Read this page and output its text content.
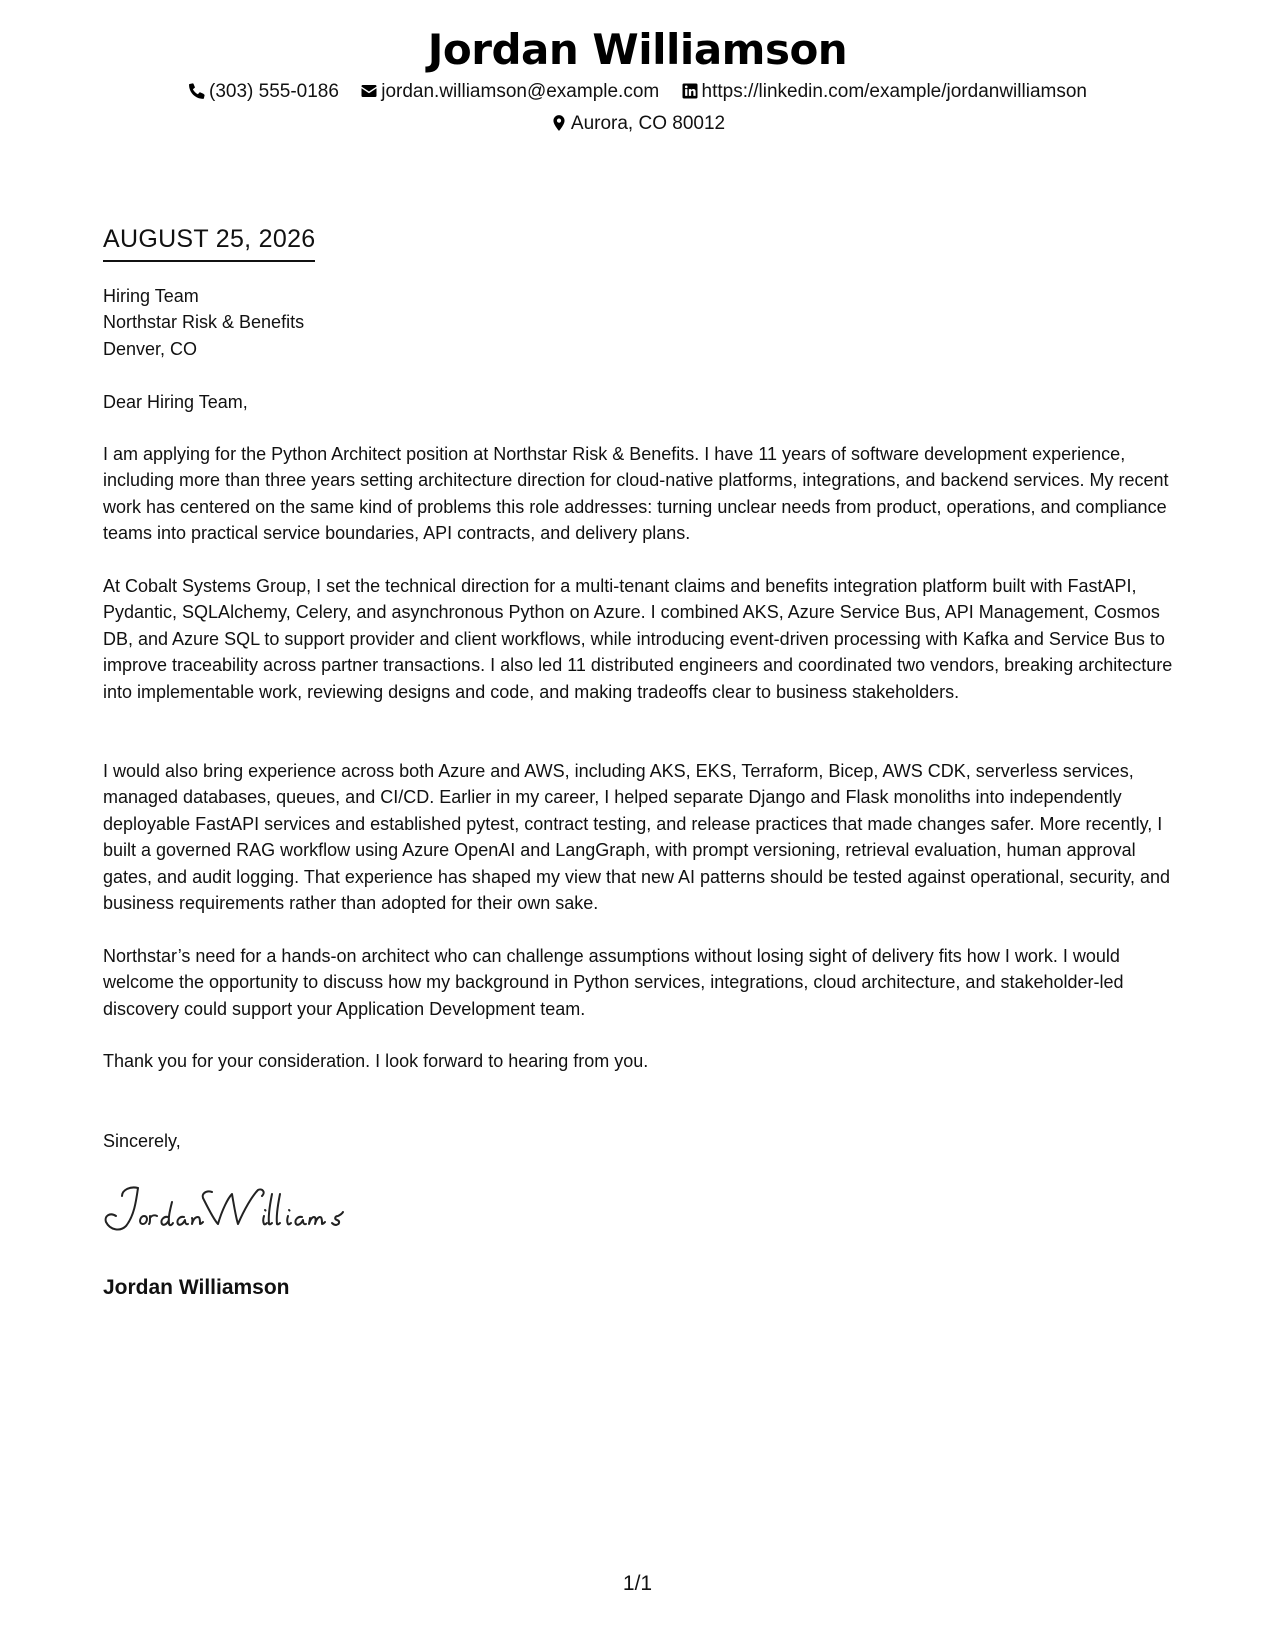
Jordan Williamson
(303) 555-0186 jordan.williamson@example.com https://linkedin.com/example/jordanwilliamson
Aurora, CO 80012
AUGUST 25, 2026
Hiring Team
Northstar Risk & Benefits
Denver, CO
Dear Hiring Team,

I am applying for the Python Architect position at Northstar Risk & Benefits. I have 11 years of software development experience, including more than three years setting architecture direction for cloud-native platforms, integrations, and backend services. My recent work has centered on the same kind of problems this role addresses: turning unclear needs from product, operations, and compliance teams into practical service boundaries, API contracts, and delivery plans.

At Cobalt Systems Group, I set the technical direction for a multi-tenant claims and benefits integration platform built with FastAPI, Pydantic, SQLAlchemy, Celery, and asynchronous Python on Azure. I combined AKS, Azure Service Bus, API Management, Cosmos DB, and Azure SQL to support provider and client workflows, while introducing event-driven processing with Kafka and Service Bus to improve traceability across partner transactions. I also led 11 distributed engineers and coordinated two vendors, breaking architecture into implementable work, reviewing designs and code, and making tradeoffs clear to business stakeholders.

I would also bring experience across both Azure and AWS, including AKS, EKS, Terraform, Bicep, AWS CDK, serverless services, managed databases, queues, and CI/CD. Earlier in my career, I helped separate Django and Flask monoliths into independently deployable FastAPI services and established pytest, contract testing, and release practices that made changes safer. More recently, I built a governed RAG workflow using Azure OpenAI and LangGraph, with prompt versioning, retrieval evaluation, human approval gates, and audit logging. That experience has shaped my view that new AI patterns should be tested against operational, security, and business requirements rather than adopted for their own sake.

Northstar’s need for a hands-on architect who can challenge assumptions without losing sight of delivery fits how I work. I would welcome the opportunity to discuss how my background in Python services, integrations, cloud architecture, and stakeholder-led discovery could support your Application Development team.

Thank you for your consideration. I look forward to hearing from you.

Sincerely,
Jordan Williamson
1/1
